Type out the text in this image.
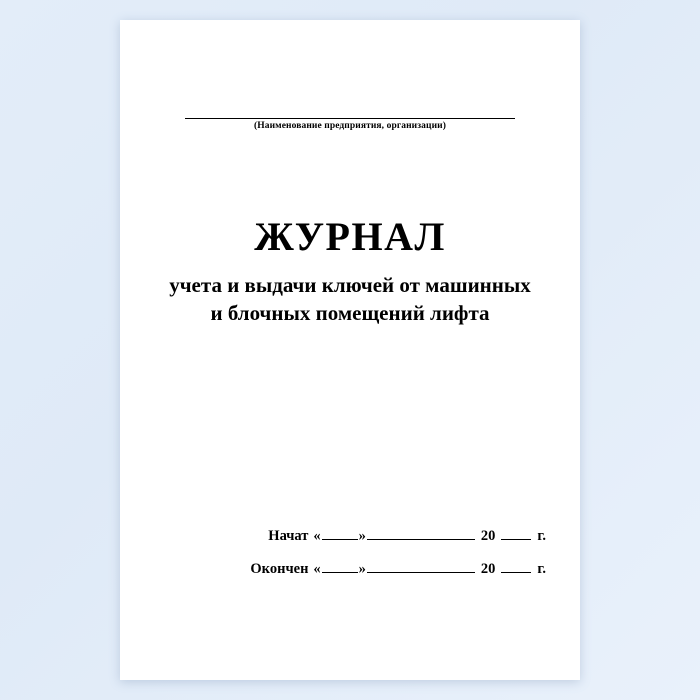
(Наименование предприятия, организации)
ЖУРНАЛ
учета и выдачи ключей от машинных
и блочных помещений лифта
Начат «	»	20	г.
Окончен «	»	20	г.
